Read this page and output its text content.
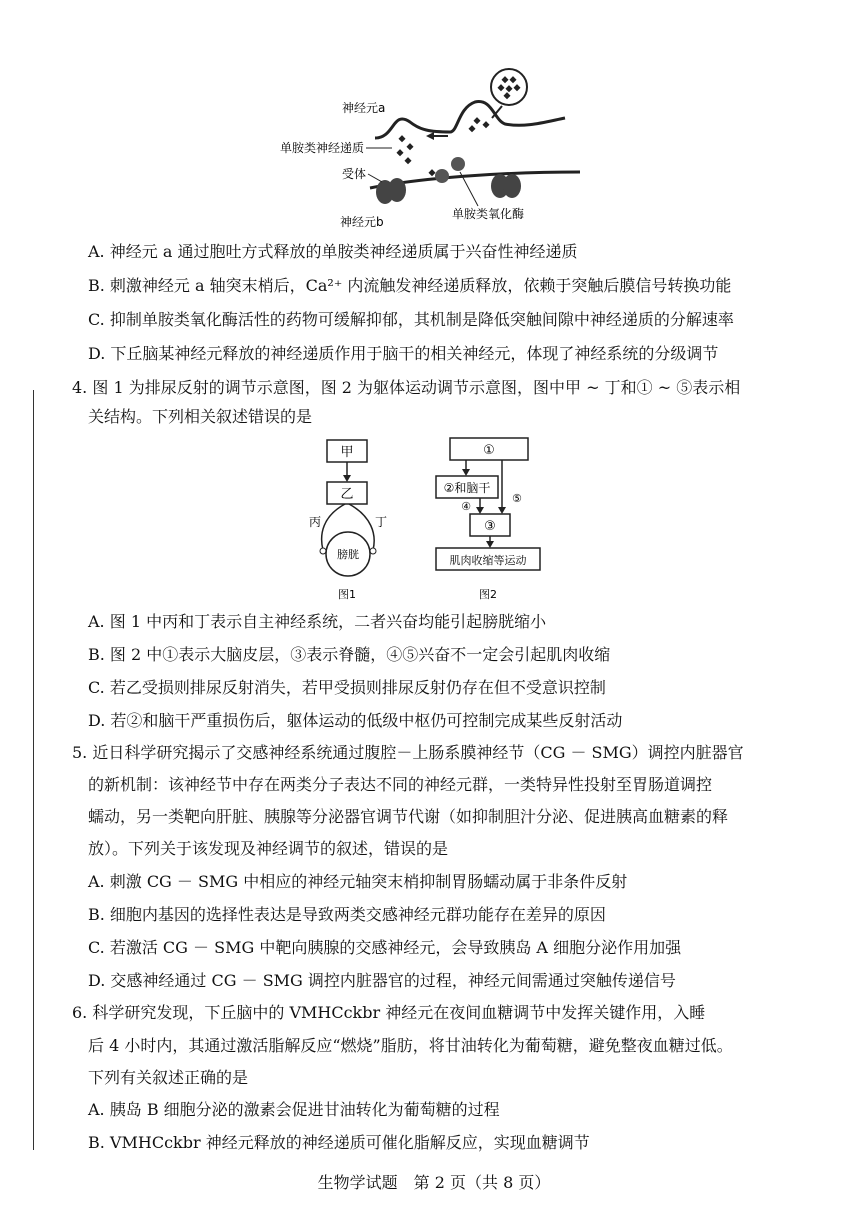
神经元a
单胺类神经递质
受体
单胺类氧化酶
神经元b
A. 神经元 a 通过胞吐方式释放的单胺类神经递质属于兴奋性神经递质
B. 刺激神经元 a 轴突末梢后，Ca²⁺ 内流触发神经递质释放，依赖于突触后膜信号转换功能
C. 抑制单胺类氧化酶活性的药物可缓解抑郁，其机制是降低突触间隙中神经递质的分解速率
D. 下丘脑某神经元释放的神经递质作用于脑干的相关神经元，体现了神经系统的分级调节
4. 图 1 为排尿反射的调节示意图，图 2 为躯体运动调节示意图，图中甲 ~ 丁和① ~ ⑤表示相
关结构。下列相关叙述错误的是
甲
乙
膀胱
丙	丁
图1
①
②和脑干
④
⑤
③
肌肉收缩等运动
图2
A. 图 1 中丙和丁表示自主神经系统，二者兴奋均能引起膀胱缩小
B. 图 2 中①表示大脑皮层，③表示脊髓，④⑤兴奋不一定会引起肌肉收缩
C. 若乙受损则排尿反射消失，若甲受损则排尿反射仍存在但不受意识控制
D. 若②和脑干严重损伤后，躯体运动的低级中枢仍可控制完成某些反射活动
5. 近日科学研究揭示了交感神经系统通过腹腔－上肠系膜神经节（CG － SMG）调控内脏器官
的新机制：该神经节中存在两类分子表达不同的神经元群，一类特异性投射至胃肠道调控
蠕动，另一类靶向肝脏、胰腺等分泌器官调节代谢（如抑制胆汁分泌、促进胰高血糖素的释
放）。下列关于该发现及神经调节的叙述，错误的是
A. 刺激 CG － SMG 中相应的神经元轴突末梢抑制胃肠蠕动属于非条件反射
B. 细胞内基因的选择性表达是导致两类交感神经元群功能存在差异的原因
C. 若激活 CG － SMG 中靶向胰腺的交感神经元，会导致胰岛 A 细胞分泌作用加强
D. 交感神经通过 CG － SMG 调控内脏器官的过程，神经元间需通过突触传递信号
6. 科学研究发现，下丘脑中的 VMHCckbr 神经元在夜间血糖调节中发挥关键作用，入睡
后 4 小时内，其通过激活脂解反应“燃烧”脂肪，将甘油转化为葡萄糖，避免整夜血糖过低。
下列有关叙述正确的是
A. 胰岛 B 细胞分泌的激素会促进甘油转化为葡萄糖的过程
B. VMHCckbr 神经元释放的神经递质可催化脂解反应，实现血糖调节
生物学试题　第 2 页（共 8 页）
